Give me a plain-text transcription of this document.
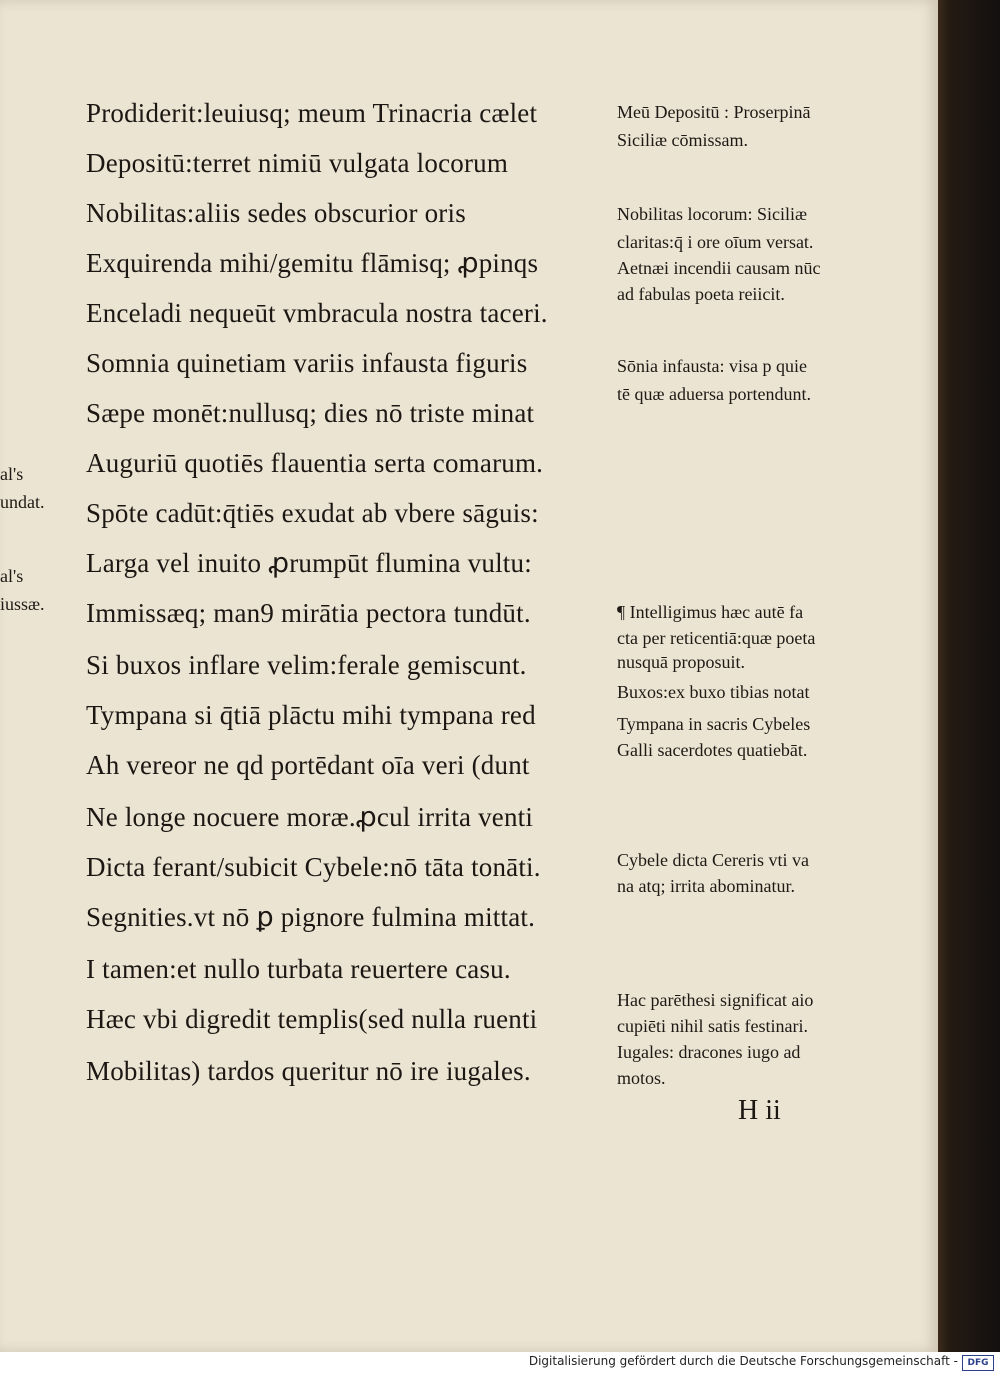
Prodiderit:leuiusq; meum Trinacria cælet
Depositū:terret nimiū vulgata locorum
Nobilitas:aliis sedes obscurior oris
Exquirenda mihi/gemitu flāmisq; ꝓpinqs
Enceladi nequeūt vmbracula nostra taceri.
Somnia quinetiam variis infausta figuris
Sæpe monēt:nullusq; dies nō triste minat
Auguriū quotiēs flauentia serta comarum.
Spōte cadūt:q̄tiēs exudat ab vbere sāguis:
Larga vel inuito ꝓrumpūt flumina vultu:
Immissæq; man9 mirātia pectora tundūt.
Si buxos inflare velim:ferale gemiscunt.
Tympana si q̄tiā plāctu mihi tympana red
Ah vereor ne qd portēdant oīa veri (dunt
Ne longe nocuere moræ.ꝓcul irrita venti
Dicta ferant/subicit Cybele:nō tāta tonāti.
Segnities.vt nō ꝑ pignore fulmina mittat.
I tamen:et nullo turbata reuertere casu.
Hæc vbi digredit templis(sed nulla ruenti
Mobilitas) tardos queritur nō ire iugales.
Meū Depositū : Proserpinā
Siciliæ cōmissam.
Nobilitas locorum: Siciliæ
claritas:q̄ i ore oīum versat.
Aetnæi incendii causam nūc
ad fabulas poeta reiicit.
Sōnia infausta: visa p quie
tē quæ aduersa portendunt.
¶ Intelligimus hæc autē fa
cta per reticentiā:quæ poeta
nusquā proposuit.
Buxos:ex buxo tibias notat
Tympana in sacris Cybeles
Galli sacerdotes quatiebāt.
Cybele dicta Cereris vti va
na atq; irrita abominatur.
Hac parēthesi significat aio
cupiēti nihil satis festinari.
Iugales: dracones iugo ad
motos.
al's
undat.
al's
iussæ.
H ii
Digitalisierung gefördert durch die Deutsche Forschungsgemeinschaft -	DFG
